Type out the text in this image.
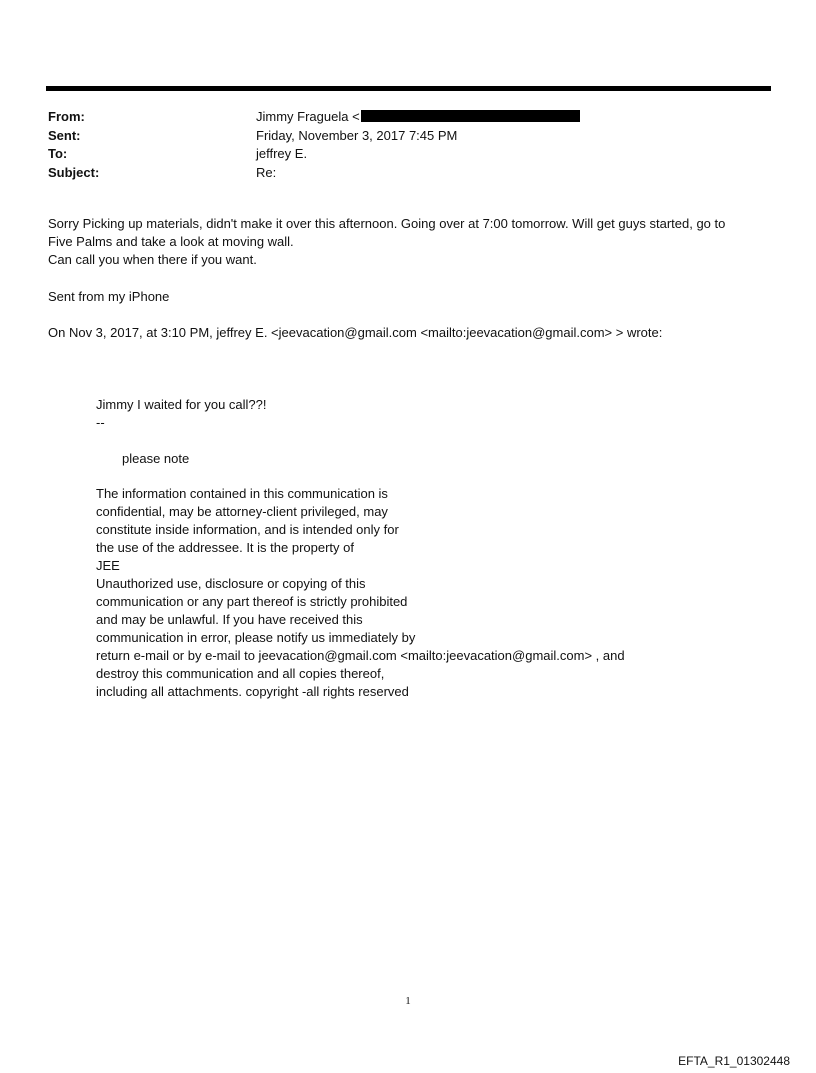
From:	Jimmy Fraguela <
Sent:	Friday, November 3, 2017 7:45 PM
To:	jeffrey E.
Subject:	Re:
Sorry Picking up materials, didn't make it over this afternoon. Going over at 7:00 tomorrow. Will get guys started, go to
Five Palms and take a look at moving wall.
Can call you when there if you want.
Sent from my iPhone
On Nov 3, 2017, at 3:10 PM, jeffrey E. <jeevacation@gmail.com <mailto:jeevacation@gmail.com> > wrote:
Jimmy I waited for you call??!
--
please note
The information contained in this communication is
confidential, may be attorney-client privileged, may
constitute inside information, and is intended only for
the use of the addressee. It is the property of
JEE
Unauthorized use, disclosure or copying of this
communication or any part thereof is strictly prohibited
and may be unlawful. If you have received this
communication in error, please notify us immediately by
return e-mail or by e-mail to jeevacation@gmail.com <mailto:jeevacation@gmail.com> , and
destroy this communication and all copies thereof,
including all attachments. copyright -all rights reserved
1
EFTA_R1_01302448
